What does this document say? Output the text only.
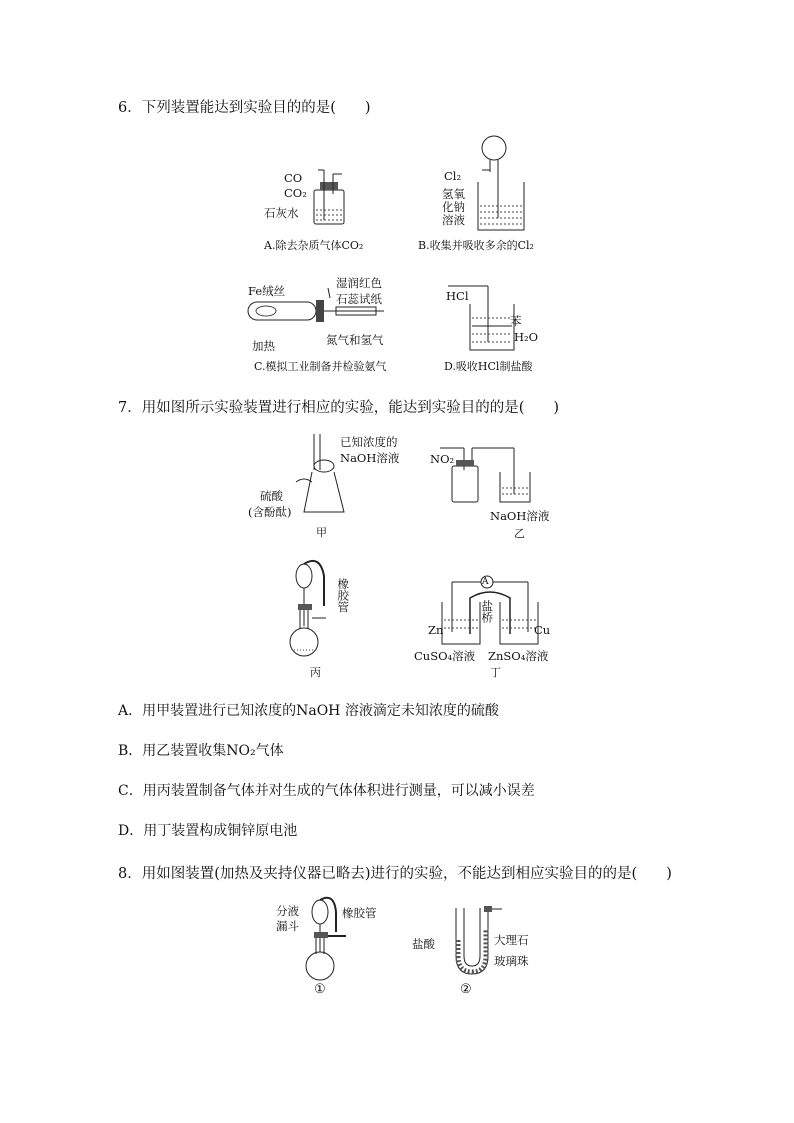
6．下列装置能达到实验目的的是(　　)
CO
CO₂
石灰水
A.除去杂质气体CO₂
Cl₂
氢氧
化钠
溶液
B.收集并吸收多余的Cl₂
Fe绒丝
湿润红色
石蕊试纸
加热	氮气和氢气
C.模拟工业制备并检验氨气
HCl
苯
H₂O
D.吸收HCl制盐酸
7．用如图所示实验装置进行相应的实验，能达到实验目的的是(　　)
已知浓度的
NaOH溶液
硫酸
(含酚酞)
甲
NO₂
NaOH溶液
乙
橡胶管
丙
A
盐桥
Zn	Cu
CuSO₄溶液 ZnSO₄溶液
丁
A．用甲装置进行已知浓度的NaOH 溶液滴定未知浓度的硫酸
B．用乙装置收集NO₂气体
C．用丙装置制备气体并对生成的气体体积进行测量，可以减小误差
D．用丁装置构成铜锌原电池
8．用如图装置(加热及夹持仪器已略去)进行的实验，不能达到相应实验目的的是(　　)
分液
漏斗
橡胶管
①
盐酸	大理石
玻璃珠
②
